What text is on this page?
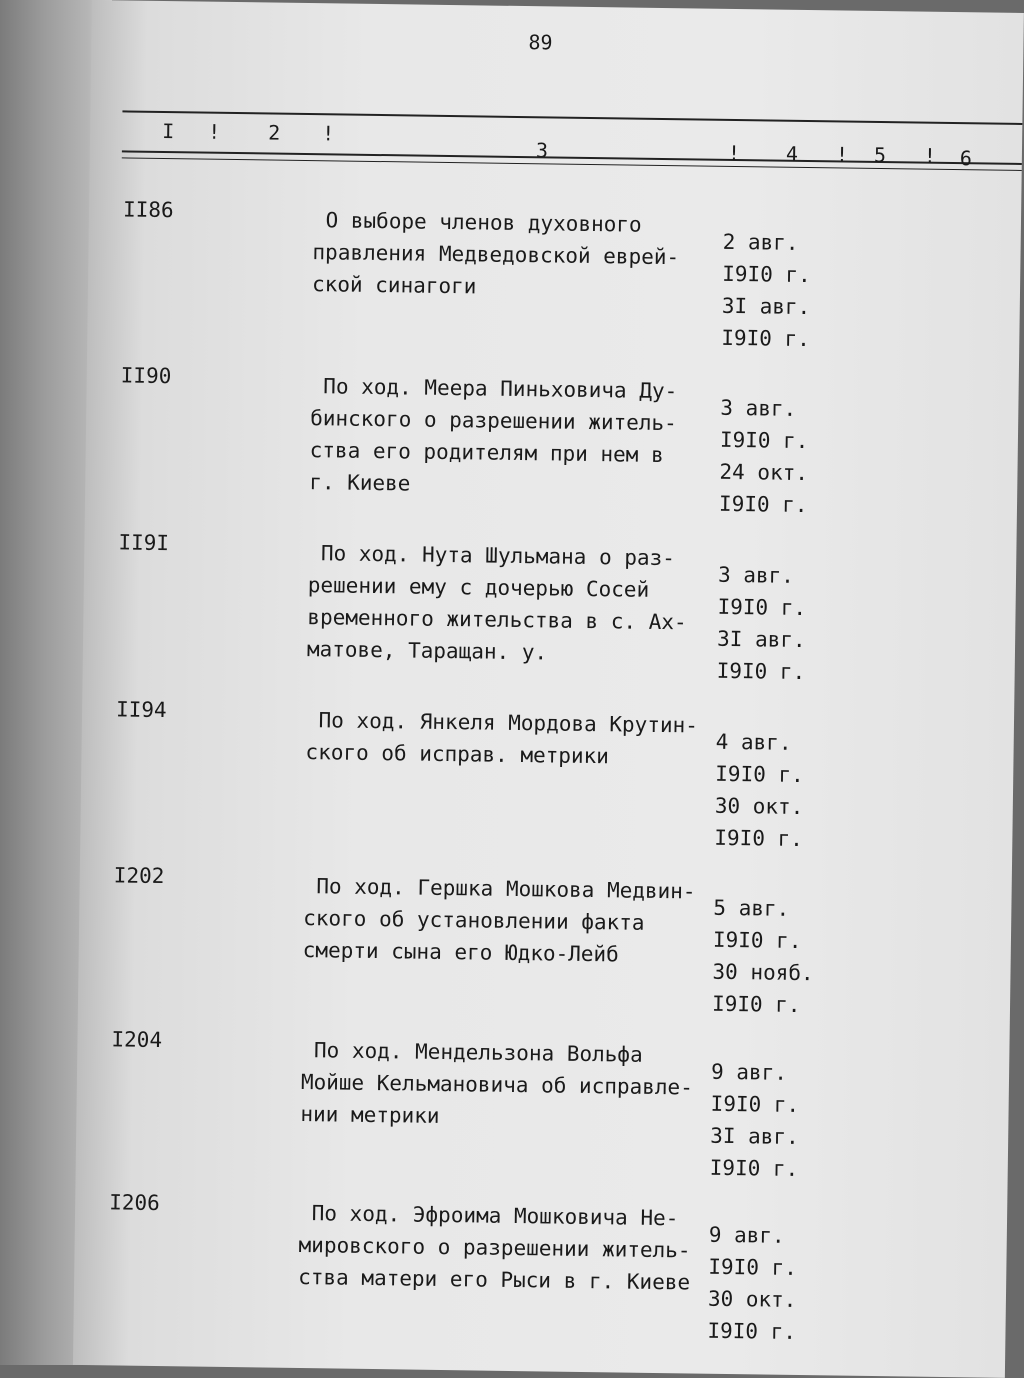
89
I ! 2 !
3	! 4 ! 5 ! 6
II86	О выборе членов духовного
правления Медведовской еврей-
ской синагоги
2 авг.
I9I0 г.
3I авг.
I9I0 г.
II90	По ход. Меера Пиньховича Ду-
бинского о разрешении житель-
ства его родителям при нем в
г. Киеве
3 авг.
I9I0 г.
24 окт.
I9I0 г.
II9I	По ход. Нута Шульмана о раз-
решении ему с дочерью Сосей
временного жительства в с. Ах-
матове, Таращан. у.
3 авг.
I9I0 г.
3I авг.
I9I0 г.
II94	По ход. Янкеля Мордова Крутин-
ского об исправ. метрики	4 авг.
I9I0 г.
30 окт.
I9I0 г.
I202	По ход. Гершка Мошкова Медвин-
ского об установлении факта
смерти сына его Юдко-Лейб
5 авг.
I9I0 г.
30 нояб.
I9I0 г.
I204	По ход. Мендельзона Вольфа
Мойше Кельмановича об исправле-
нии метрики
9 авг.
I9I0 г.
3I авг.
I9I0 г.
I206	По ход. Эфроима Мошковича Не-
мировского о разрешении житель-
ства матери его Рыси в г. Киеве
9 авг.
I9I0 г.
30 окт.
I9I0 г.
